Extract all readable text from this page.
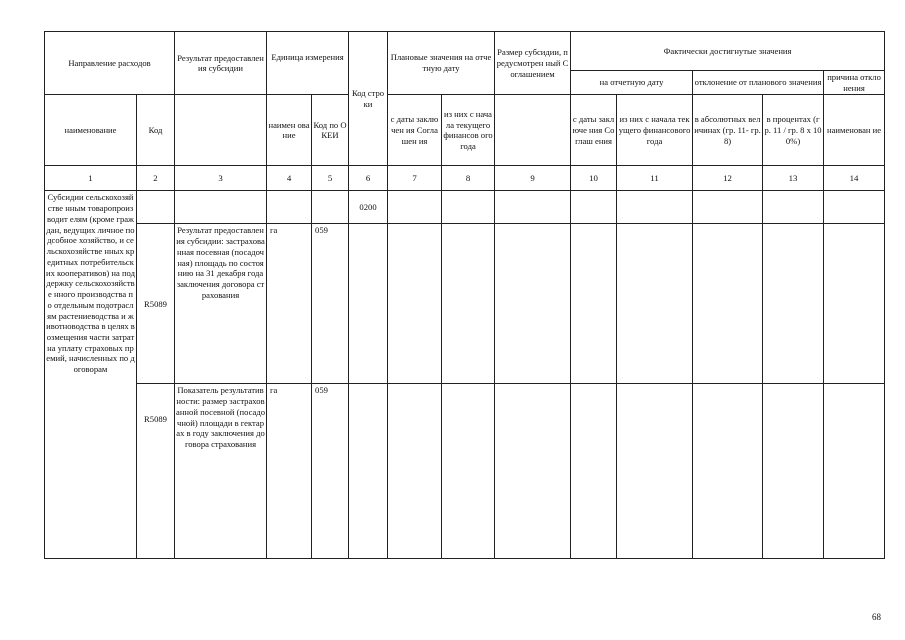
Направление расходов		Результат предоставления субсидии	Единица измерения		Код строки	Плановые значения на отчетную дату		Размер субсидии, предусмотрен ный Соглашением	Фактически достигнутые значения				
									на отчетную дату		отклонение от планового значения		причина отклонения

наименование	Код		наимен ование	Код по ОКЕИ		с даты заключен ия Соглашен ия	из них с начала текущего финансов ого года		с даты заключе ния Соглаш ения	из них с начала текущего финансового года	в абсолютных величинах (гр. 11- гр. 8)	в процентах (гр. 11 / гр. 8 х 100%)	наименован ие

1	2	3	4	5	6	7	8	9	10	11	12	13	14
Субсидии сельскохозяйстве нным товаропроизводит елям (кроме граждан, ведущих личное подсобное хозяйство, и сельскохозяйстве нных кредитных потребительских кооперативов) на поддержку сельскохозяйстве нного производства по отдельным подотраслям растениеводства и животноводства в целях возмещения части затрат на уплату страховых премий, начисленных по договорам					0200								
	R5089	Результат предоставления субсидии: застрахованная посевная (посадочная) площадь по состоянию на 31 декабря года заключения договора страхования	га	059									
	R5089	Показатель результативности: размер застрахованной посевной (посадочной) площади в гектарах в году заключения договора страхования	га	059									
68
